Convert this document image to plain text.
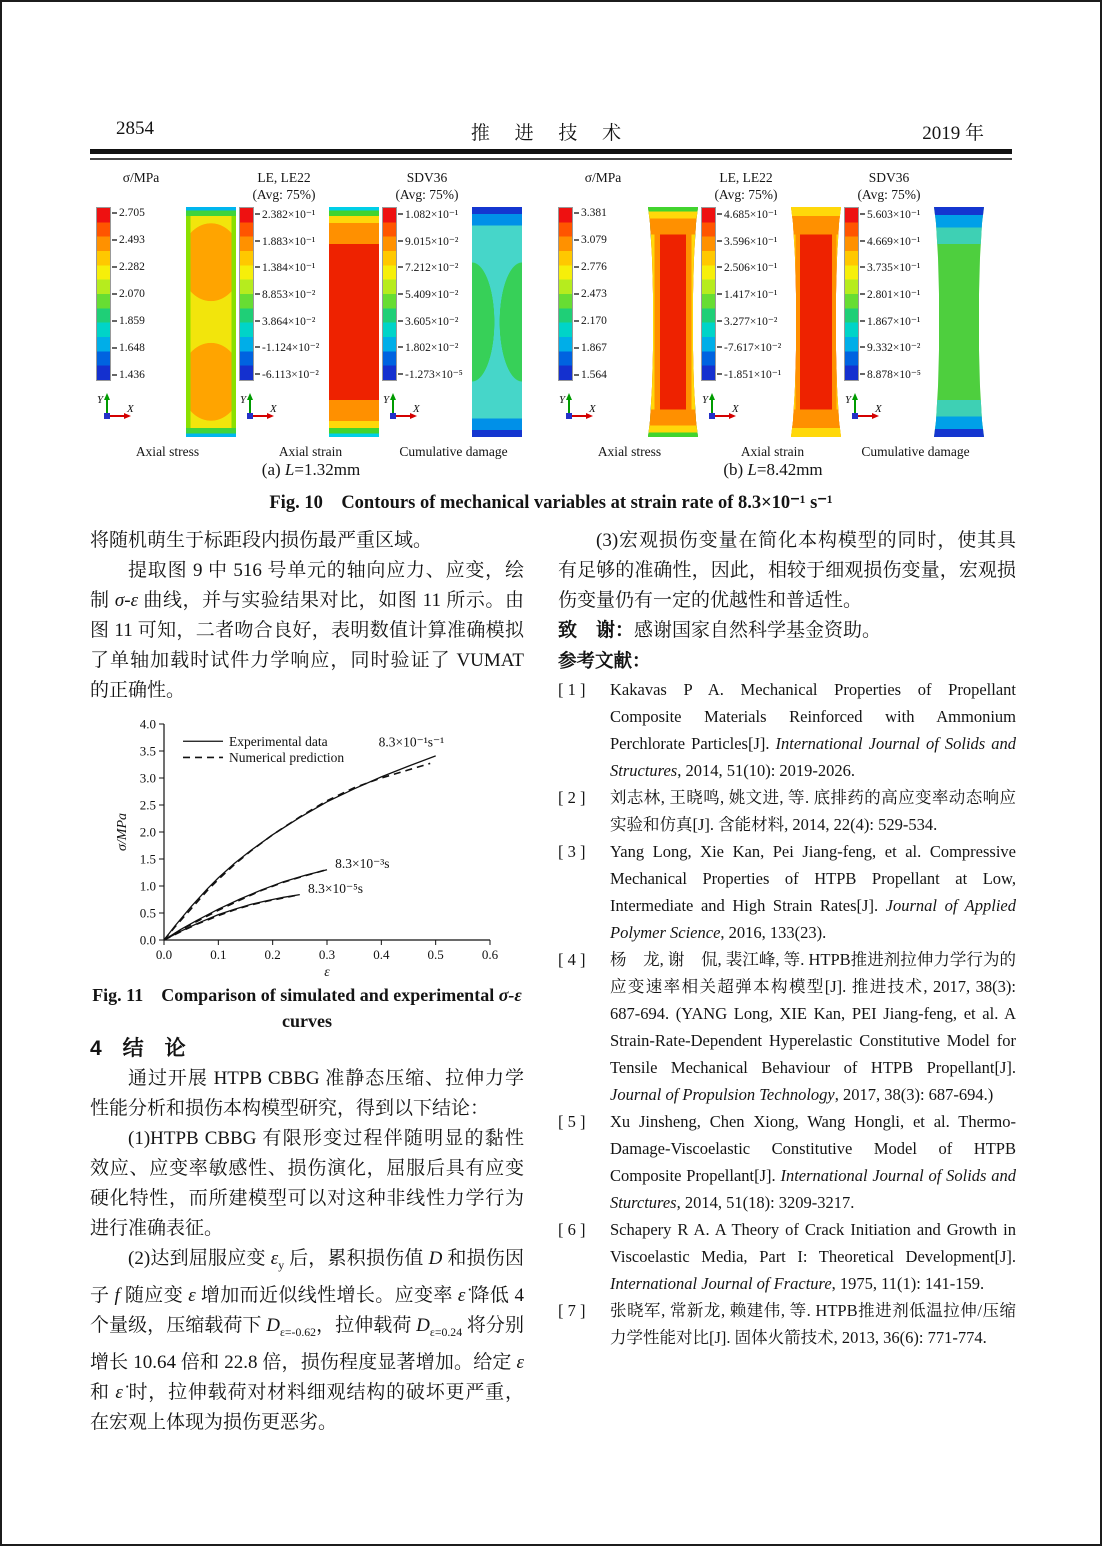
2854	推 进 技 术	2019 年
σ/MPa
2.705
2.493
2.282
2.070
1.859
1.648
1.436
Y
X
Axial stress
LE, LE22
(Avg: 75%)
2.382×10⁻¹
1.883×10⁻¹
1.384×10⁻¹
8.853×10⁻²
3.864×10⁻²
-1.124×10⁻²
-6.113×10⁻²
Y
X
Axial strain
SDV36
(Avg: 75%)
1.082×10⁻¹
9.015×10⁻²
7.212×10⁻²
5.409×10⁻²
3.605×10⁻²
1.802×10⁻²
-1.273×10⁻⁵
Y
X
Cumulative damage
σ/MPa
3.381
3.079
2.776
2.473
2.170
1.867
1.564
Y
X
Axial stress
LE, LE22
(Avg: 75%)
4.685×10⁻¹
3.596×10⁻¹
2.506×10⁻¹
1.417×10⁻¹
3.277×10⁻²
-7.617×10⁻²
-1.851×10⁻¹
Y
X
Axial strain
SDV36
(Avg: 75%)
5.603×10⁻¹
4.669×10⁻¹
3.735×10⁻¹
2.801×10⁻¹
1.867×10⁻¹
9.332×10⁻²
8.878×10⁻⁵
Y
X
Cumulative damage
(a) L=1.32mm	(b) L=8.42mm
Fig. 10　Contours of mechanical variables at strain rate of 8.3×10⁻¹ s⁻¹

将随机萌生于标距段内损伤最严重区域。

提取图 9 中 516 号单元的轴向应力、应变，绘制 σ-ε 曲线，并与实验结果对比，如图 11 所示。由图 11 可知，二者吻合良好，表明数值计算准确模拟了单轴加载时试件力学响应，同时验证了 VUMAT 的正确性。

0.0
0.5
1.0
1.5
2.0
2.5
3.0
3.5
4.0
0.0	0.1	0.2	0.3	0.4	0.5	0.6
σ/MPa
ε
8.3×10⁻¹s⁻¹
8.3×10⁻³s
8.3×10⁻⁵s
Experimental data
Numerical prediction
Fig. 11　Comparison of simulated and experimental σ-ε
curves

4　结　论

通过开展 HTPB CBBG 准静态压缩、拉伸力学性能分析和损伤本构模型研究，得到以下结论：

(1)HTPB CBBG 有限形变过程伴随明显的黏性效应、应变率敏感性、损伤演化，屈服后具有应变硬化特性，而所建模型可以对这种非线性力学行为进行准确表征。

(2)达到屈服应变 $\varepsilon_y$ 后，累积损伤值 D 和损伤因子 f 随应变 ε 增加而近似线性增长。应变率 ε̇ 降低 4 个量级，压缩载荷下 $D_{\varepsilon=-0.62}$，拉伸载荷 $D_{\varepsilon=0.24}$ 将分别增长 10.64 倍和 22.8 倍，损伤程度显著增加。给定 ε 和 ε̇ 时，拉伸载荷对材料细观结构的破坏更严重，在宏观上体现为损伤更恶劣。

(3)宏观损伤变量在简化本构模型的同时，使其具有足够的准确性，因此，相较于细观损伤变量，宏观损伤变量仍有一定的优越性和普适性。

致　谢：感谢国家自然科学基金资助。

参考文献：

[ 1 ]	Kakavas P A. Mechanical Properties of Propellant Composite Materials Reinforced with Ammonium Perchlorate Particles[J]. International Journal of Solids and Structures, 2014, 51(10): 2019-2026.
[ 2 ]	刘志林, 王晓鸣, 姚文进, 等. 底排药的高应变率动态响应实验和仿真[J]. 含能材料, 2014, 22(4): 529-534.
[ 3 ]	Yang Long, Xie Kan, Pei Jiang-feng, et al. Compressive Mechanical Properties of HTPB Propellant at Low, Intermediate and High Strain Rates[J]. Journal of Applied Polymer Science, 2016, 133(23).
[ 4 ]	杨　龙, 谢　侃, 裴江峰, 等. HTPB推进剂拉伸力学行为的应变速率相关超弹本构模型[J]. 推进技术, 2017, 38(3): 687-694. (YANG Long, XIE Kan, PEI Jiang-feng, et al. A Strain-Rate-Dependent Hyperelastic Constitutive Model for Tensile Mechanical Behaviour of HTPB Propellant[J]. Journal of Propulsion Technology, 2017, 38(3): 687-694.)
[ 5 ]	Xu Jinsheng, Chen Xiong, Wang Hongli, et al. Thermo-Damage-Viscoelastic Constitutive Model of HTPB Composite Propellant[J]. International Journal of Solids and Sturctures, 2014, 51(18): 3209-3217.
[ 6 ]	Schapery R A. A Theory of Crack Initiation and Growth in Viscoelastic Media, Part I: Theoretical Development[J]. International Journal of Fracture, 1975, 11(1): 141-159.
[ 7 ]	张晓军, 常新龙, 赖建伟, 等. HTPB推进剂低温拉伸/压缩力学性能对比[J]. 固体火箭技术, 2013, 36(6): 771-774.
